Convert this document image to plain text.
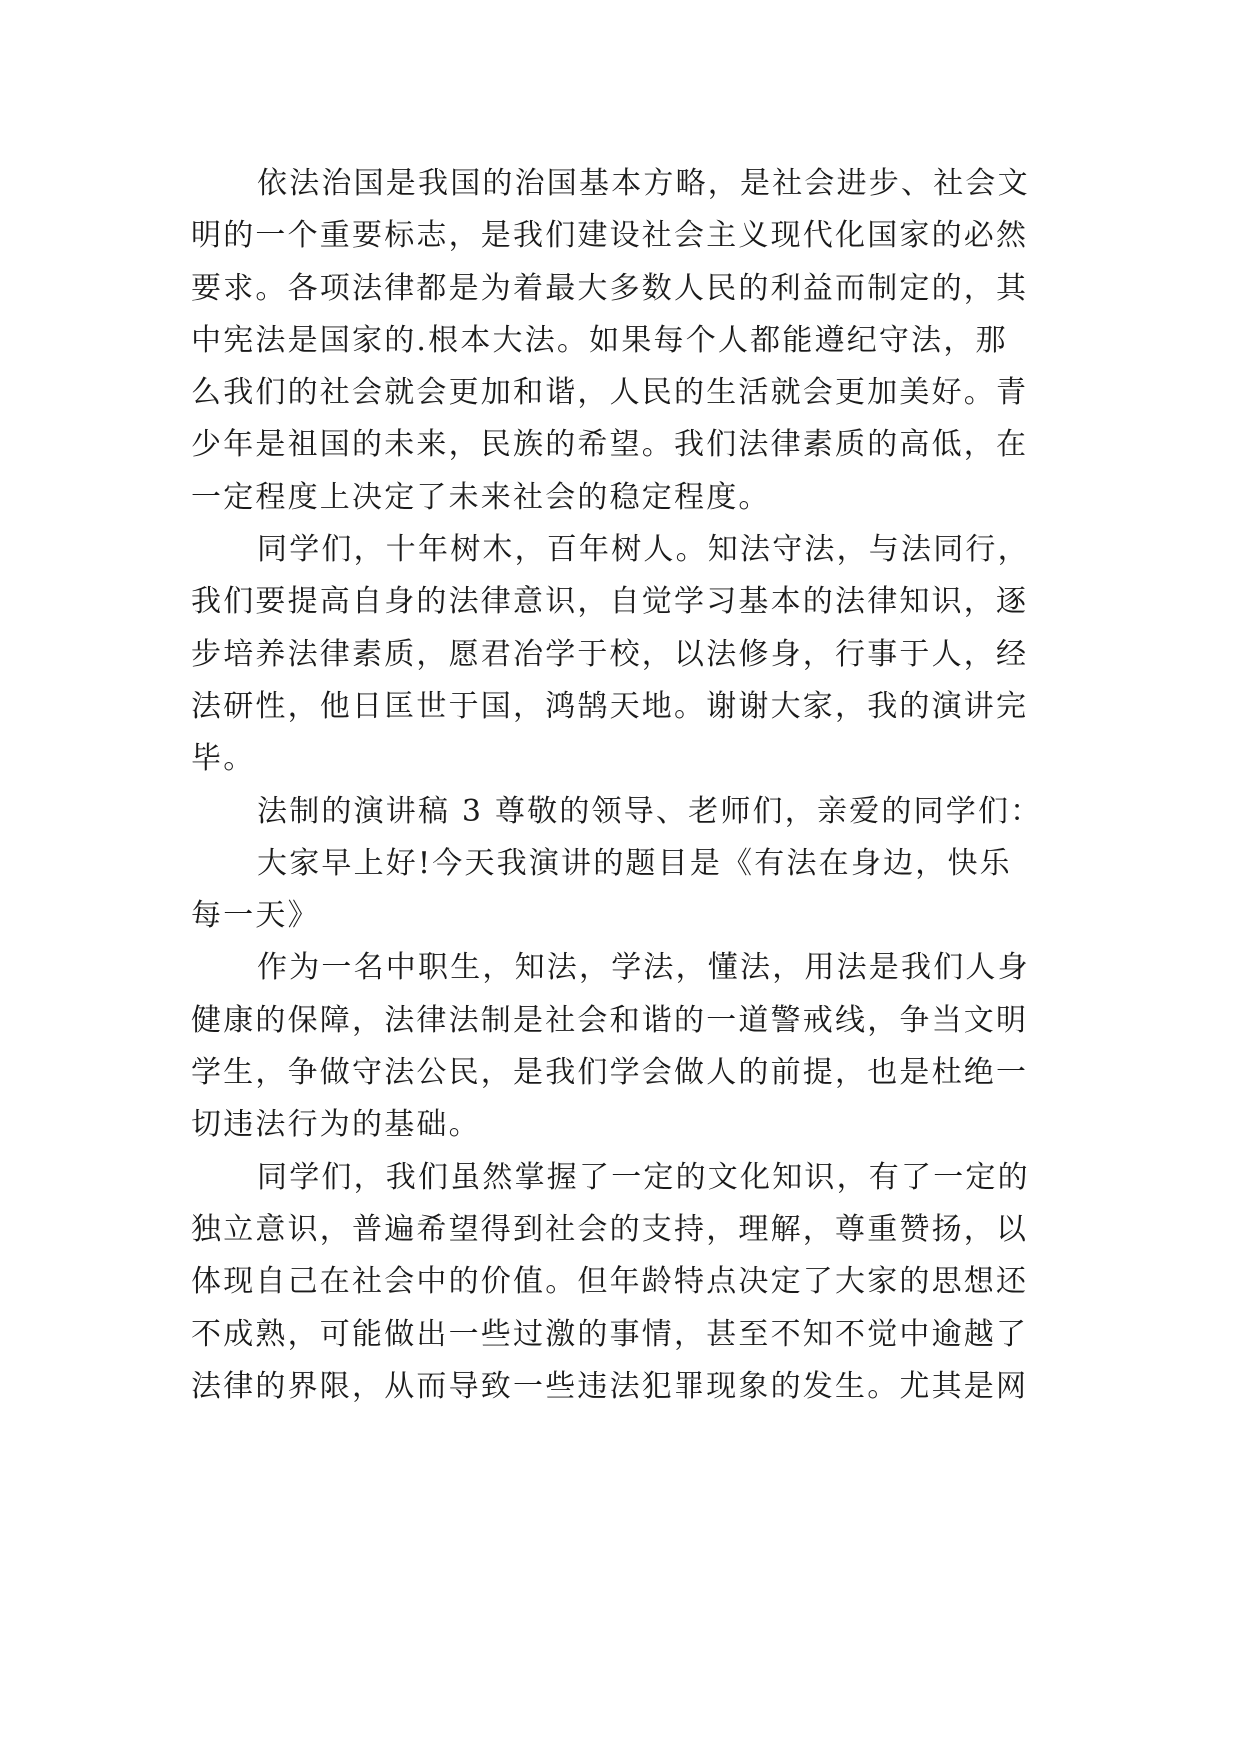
依法治国是我国的治国基本方略，是社会进步、社会文
明的一个重要标志，是我们建设社会主义现代化国家的必然
要求。各项法律都是为着最大多数人民的利益而制定的，其
中宪法是国家的.根本大法。如果每个人都能遵纪守法，那
么我们的社会就会更加和谐，人民的生活就会更加美好。青
少年是祖国的未来，民族的希望。我们法律素质的高低，在
一定程度上决定了未来社会的稳定程度。
同学们，十年树木，百年树人。知法守法，与法同行，
我们要提高自身的法律意识，自觉学习基本的法律知识，逐
步培养法律素质，愿君冶学于校，以法修身，行事于人，经
法研性，他日匡世于国，鸿鹄天地。谢谢大家，我的演讲完
毕。
法制的演讲稿 3 尊敬的领导、老师们，亲爱的同学们：
大家早上好!今天我演讲的题目是《有法在身边，快乐
每一天》
作为一名中职生，知法，学法，懂法，用法是我们人身
健康的保障，法律法制是社会和谐的一道警戒线，争当文明
学生，争做守法公民，是我们学会做人的前提，也是杜绝一
切违法行为的基础。
同学们，我们虽然掌握了一定的文化知识，有了一定的
独立意识，普遍希望得到社会的支持，理解，尊重赞扬，以
体现自己在社会中的价值。但年龄特点决定了大家的思想还
不成熟，可能做出一些过激的事情，甚至不知不觉中逾越了
法律的界限，从而导致一些违法犯罪现象的发生。尤其是网
